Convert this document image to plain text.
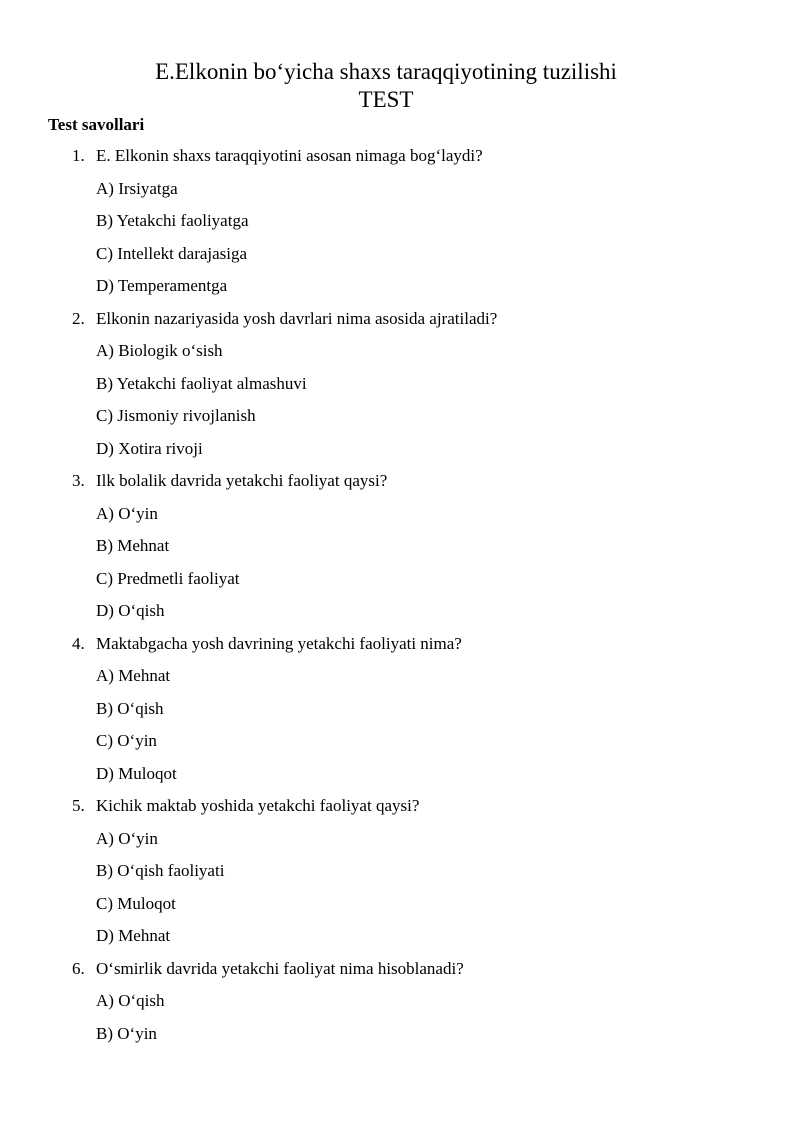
E.Elkonin bo‘yicha shaxs taraqqiyotining tuzilishi
TEST
Test savollari
1. E. Elkonin shaxs taraqqiyotini asosan nimaga bog‘laydi?
A) Irsiyatga
B) Yetakchi faoliyatga
C) Intellekt darajasiga
D) Temperamentga
2. Elkonin nazariyasida yosh davrlari nima asosida ajratiladi?
A) Biologik o‘sish
B) Yetakchi faoliyat almashuvi
C) Jismoniy rivojlanish
D) Xotira rivoji
3. Ilk bolalik davrida yetakchi faoliyat qaysi?
A) O‘yin
B) Mehnat
C) Predmetli faoliyat
D) O‘qish
4. Maktabgacha yosh davrining yetakchi faoliyati nima?
A) Mehnat
B) O‘qish
C) O‘yin
D) Muloqot
5. Kichik maktab yoshida yetakchi faoliyat qaysi?
A) O‘yin
B) O‘qish faoliyati
C) Muloqot
D) Mehnat
6. O‘smirlik davrida yetakchi faoliyat nima hisoblanadi?
A) O‘qish
B) O‘yin
